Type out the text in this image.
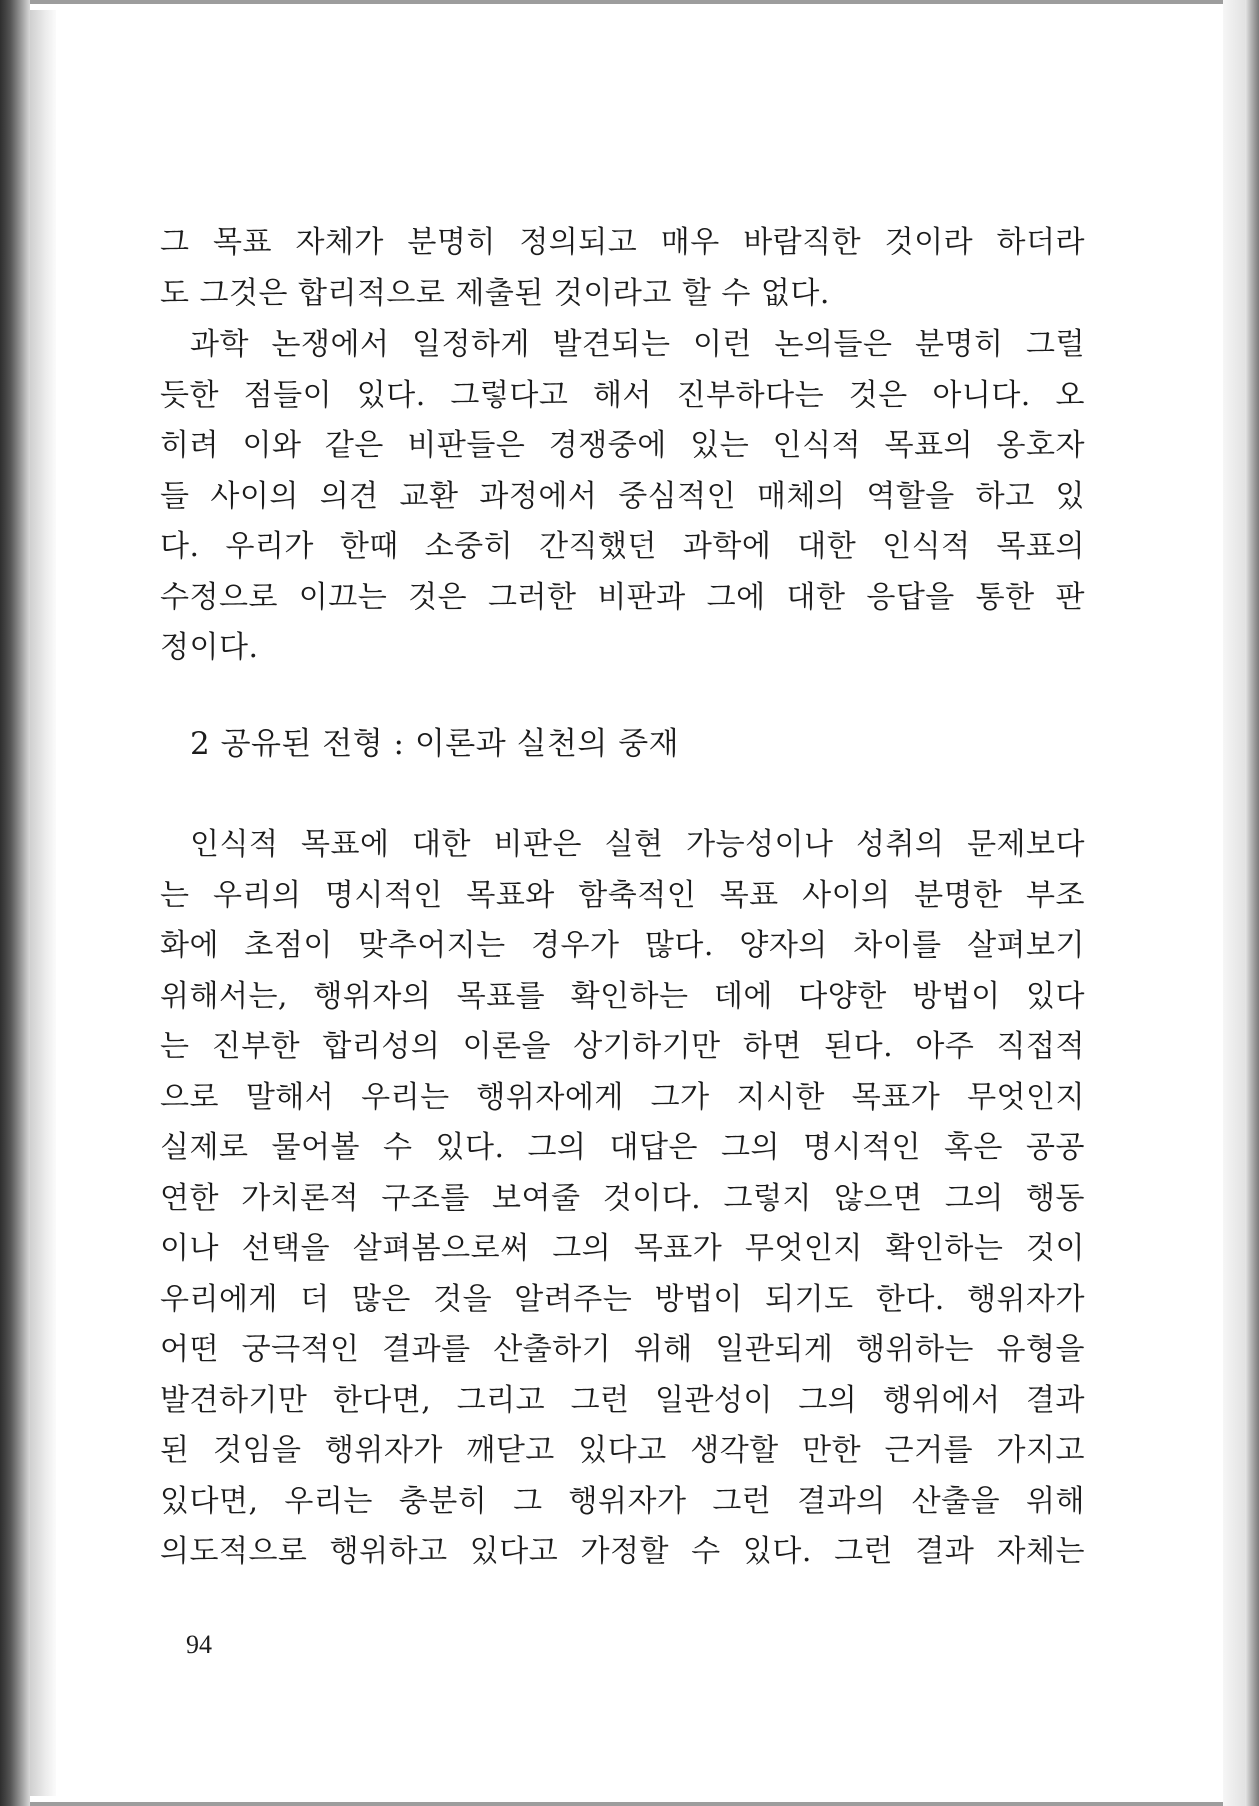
그 목표 자체가 분명히 정의되고 매우 바람직한 것이라 하더라
도 그것은 합리적으로 제출된 것이라고 할 수 없다.
과학 논쟁에서 일정하게 발견되는 이런 논의들은 분명히 그럴
듯한 점들이 있다. 그렇다고 해서 진부하다는 것은 아니다. 오
히려 이와 같은 비판들은 경쟁중에 있는 인식적 목표의 옹호자
들 사이의 의견 교환 과정에서 중심적인 매체의 역할을 하고 있
다. 우리가 한때 소중히 간직했던 과학에 대한 인식적 목표의
수정으로 이끄는 것은 그러한 비판과 그에 대한 응답을 통한 판
정이다.
2 공유된 전형 : 이론과 실천의 중재
인식적 목표에 대한 비판은 실현 가능성이나 성취의 문제보다
는 우리의 명시적인 목표와 함축적인 목표 사이의 분명한 부조
화에 초점이 맞추어지는 경우가 많다. 양자의 차이를 살펴보기
위해서는, 행위자의 목표를 확인하는 데에 다양한 방법이 있다
는 진부한 합리성의 이론을 상기하기만 하면 된다. 아주 직접적
으로 말해서 우리는 행위자에게 그가 지시한 목표가 무엇인지
실제로 물어볼 수 있다. 그의 대답은 그의 명시적인 혹은 공공
연한 가치론적 구조를 보여줄 것이다. 그렇지 않으면 그의 행동
이나 선택을 살펴봄으로써 그의 목표가 무엇인지 확인하는 것이
우리에게 더 많은 것을 알려주는 방법이 되기도 한다. 행위자가
어떤 궁극적인 결과를 산출하기 위해 일관되게 행위하는 유형을
발견하기만 한다면, 그리고 그런 일관성이 그의 행위에서 결과
된 것임을 행위자가 깨닫고 있다고 생각할 만한 근거를 가지고
있다면, 우리는 충분히 그 행위자가 그런 결과의 산출을 위해
의도적으로 행위하고 있다고 가정할 수 있다. 그런 결과 자체는
94
